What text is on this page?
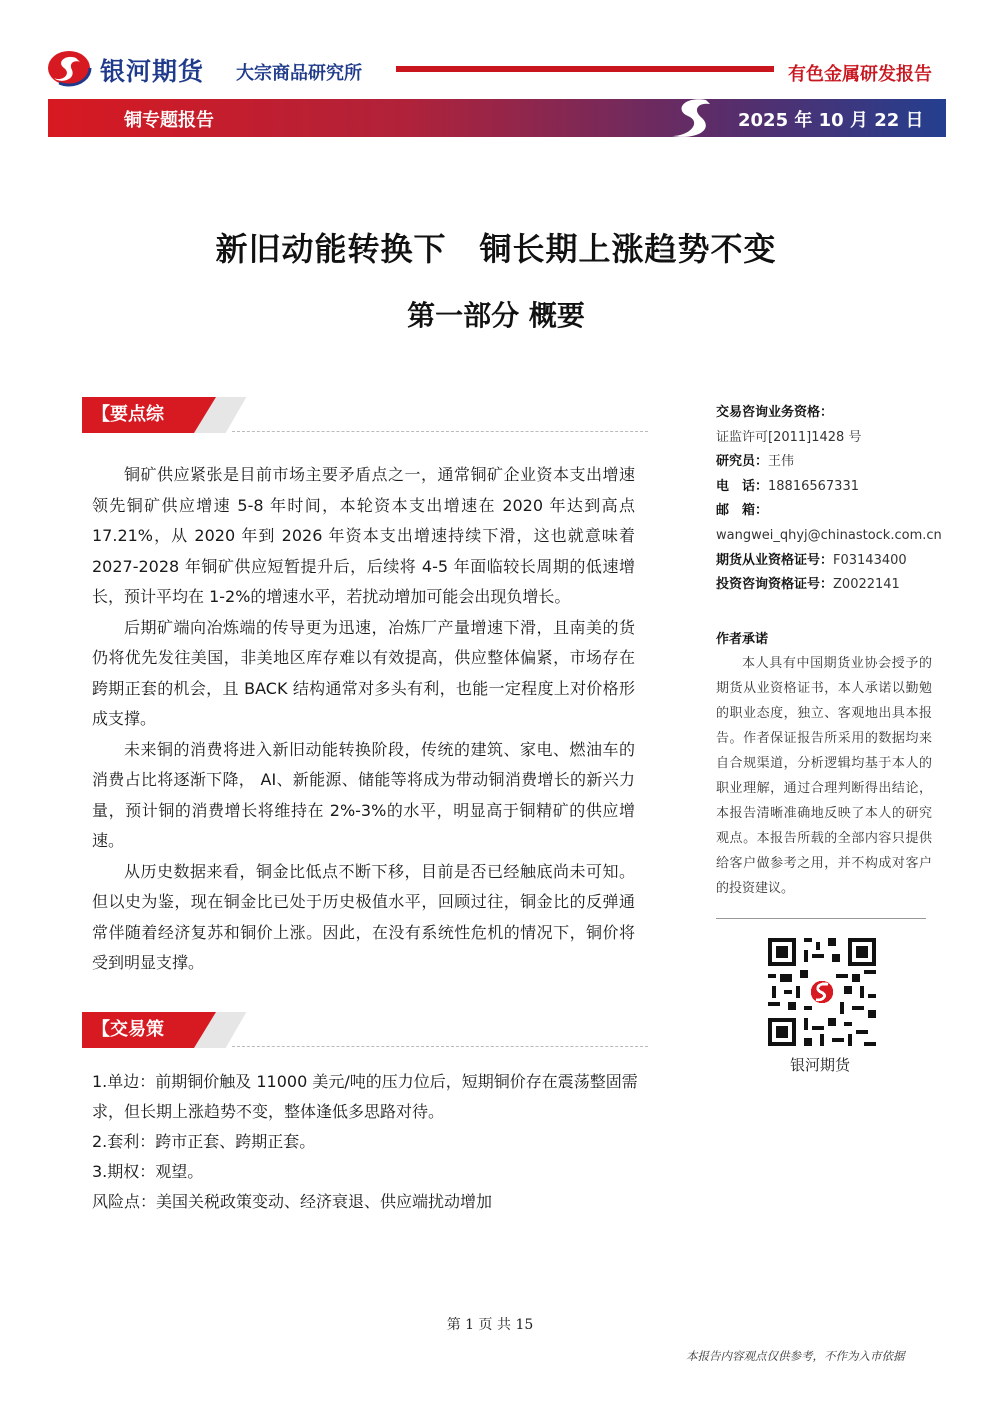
银河期货 大宗商品研究所	有色金属研发报告
铜专题报告	2025 年 10 月 22 日
新旧动能转换下　铜长期上涨趋势不变
第一部分 概要
【要点综述】

铜矿供应紧张是目前市场主要矛盾点之一，通常铜矿企业资本支出增速领先铜矿供应增速 5-8 年时间，本轮资本支出增速在 2020 年达到高点 17.21%，从 2020 年到 2026 年资本支出增速持续下滑，这也就意味着 2027-2028 年铜矿供应短暂提升后，后续将 4-5 年面临较长周期的低速增长，预计平均在 1-2%的增速水平，若扰动增加可能会出现负增长。

后期矿端向冶炼端的传导更为迅速，冶炼厂产量增速下滑，且南美的货仍将优先发往美国，非美地区库存难以有效提高，供应整体偏紧，市场存在跨期正套的机会，且 BACK 结构通常对多头有利，也能一定程度上对价格形成支撑。

未来铜的消费将进入新旧动能转换阶段，传统的建筑、家电、燃油车的消费占比将逐渐下降， AI、新能源、储能等将成为带动铜消费增长的新兴力量，预计铜的消费增长将维持在 2%-3%的水平，明显高于铜精矿的供应增速。

从历史数据来看，铜金比低点不断下移，目前是否已经触底尚未可知。但以史为鉴，现在铜金比已处于历史极值水平，回顾过往，铜金比的反弹通常伴随着经济复苏和铜价上涨。因此，在没有系统性危机的情况下，铜价将受到明显支撑。

【交易策略】
1.单边：前期铜价触及 11000 美元/吨的压力位后，短期铜价存在震荡整固需求，但长期上涨趋势不变，整体逢低多思路对待。
2.套利：跨市正套、跨期正套。
3.期权：观望。
风险点：美国关税政策变动、经济衰退、供应端扰动增加
交易咨询业务资格：
证监许可[2011]1428 号
研究员：王伟
电　话：18816567331
邮　箱：
wangwei_qhyj@chinastock.com.cn
期货从业资格证号：F03143400
投资咨询资格证号：Z0022141
作者承诺

本人具有中国期货业协会授予的期货从业资格证书，本人承诺以勤勉的职业态度，独立、客观地出具本报告。作者保证报告所采用的数据均来自合规渠道，分析逻辑均基于本人的职业理解，通过合理判断得出结论，本报告清晰准确地反映了本人的研究观点。本报告所载的全部内容只提供给客户做参考之用，并不构成对客户的投资建议。

银河期货
第 1 页 共 15
本报告内容观点仅供参考，不作为入市依据
